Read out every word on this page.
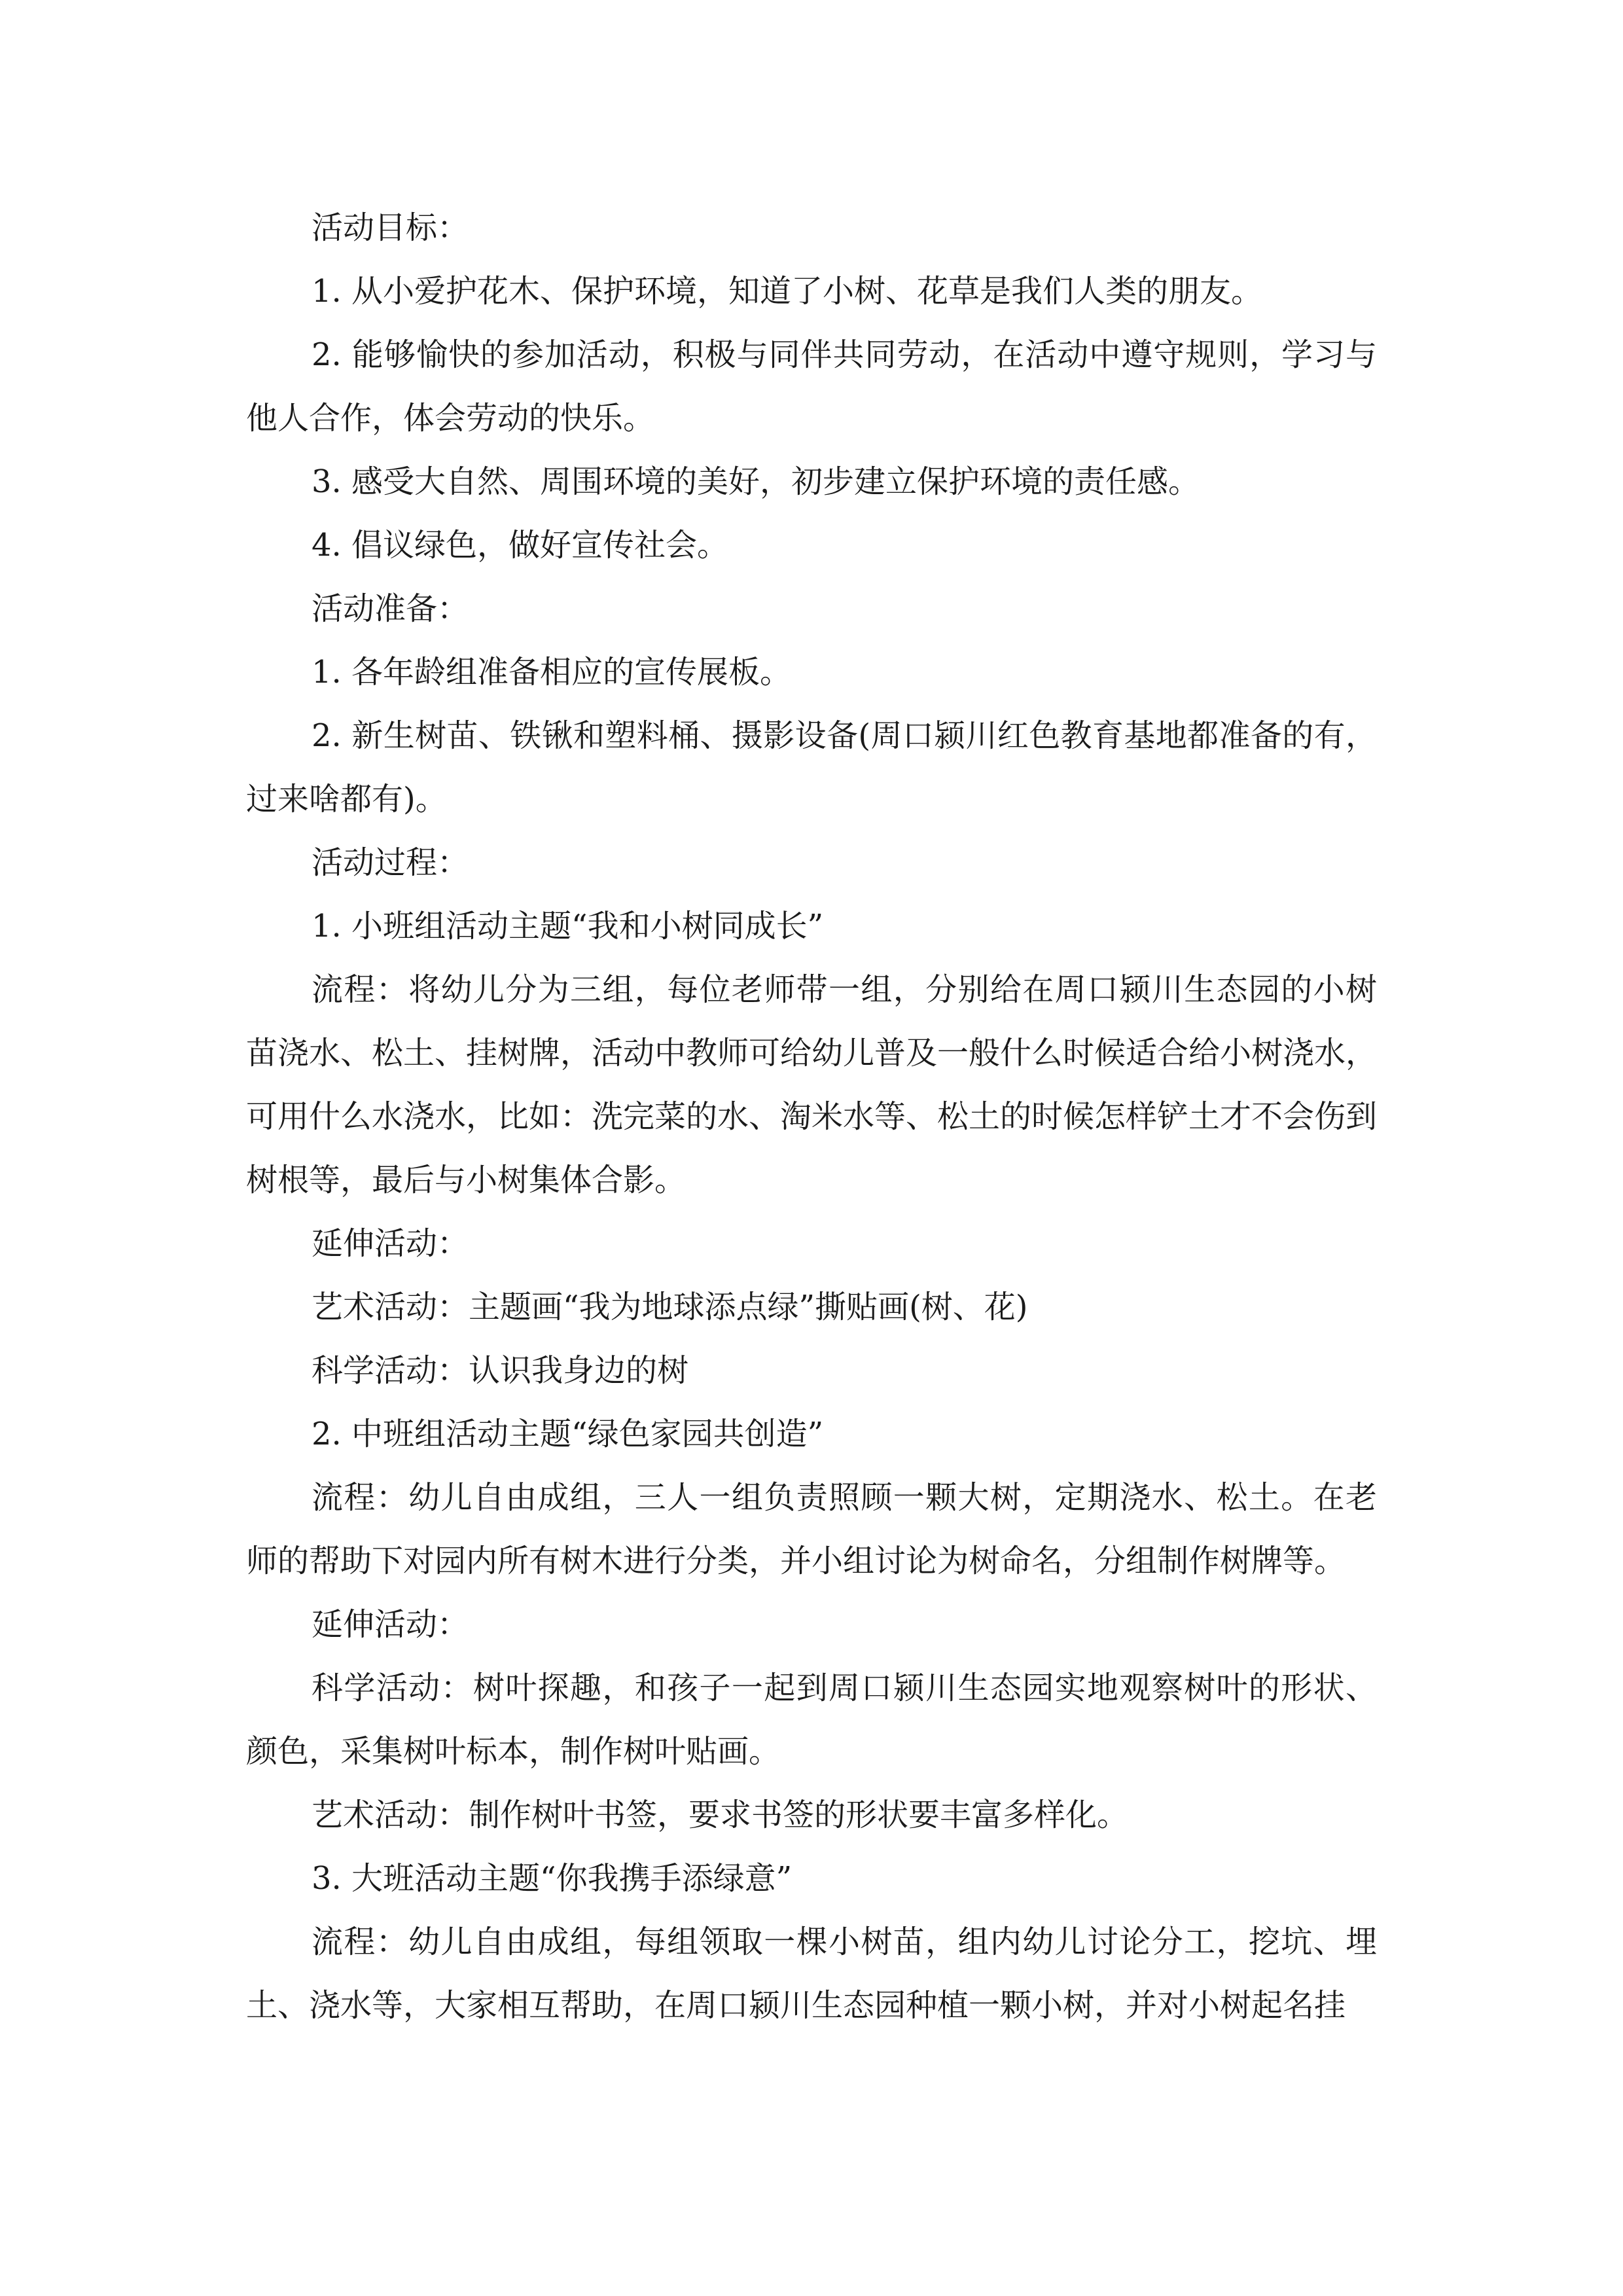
活动目标：

1. 从小爱护花木、保护环境，知道了小树、花草是我们人类的朋友。

2. 能够愉快的参加活动，积极与同伴共同劳动，在活动中遵守规则，学习与他人合作，体会劳动的快乐。

3. 感受大自然、周围环境的美好，初步建立保护环境的责任感。

4. 倡议绿色，做好宣传社会。

活动准备：

1. 各年龄组准备相应的宣传展板。

2. 新生树苗、铁锹和塑料桶、摄影设备(周口颍川红色教育基地都准备的有，过来啥都有)。

活动过程：

1. 小班组活动主题“我和小树同成长”

流程：将幼儿分为三组，每位老师带一组，分别给在周口颍川生态园的小树苗浇水、松土、挂树牌，活动中教师可给幼儿普及一般什么时候适合给小树浇水，可用什么水浇水，比如：洗完菜的水、淘米水等、松土的时候怎样铲土才不会伤到树根等，最后与小树集体合影。

延伸活动：

艺术活动：主题画“我为地球添点绿”撕贴画(树、花)

科学活动：认识我身边的树

2. 中班组活动主题“绿色家园共创造”

流程：幼儿自由成组，三人一组负责照顾一颗大树，定期浇水、松土。在老师的帮助下对园内所有树木进行分类，并小组讨论为树命名，分组制作树牌等。

延伸活动：

科学活动：树叶探趣，和孩子一起到周口颍川生态园实地观察树叶的形状、颜色，采集树叶标本，制作树叶贴画。

艺术活动：制作树叶书签，要求书签的形状要丰富多样化。

3. 大班活动主题“你我携手添绿意”

流程：幼儿自由成组，每组领取一棵小树苗，组内幼儿讨论分工，挖坑、埋土、浇水等，大家相互帮助，在周口颍川生态园种植一颗小树，并对小树起名挂
